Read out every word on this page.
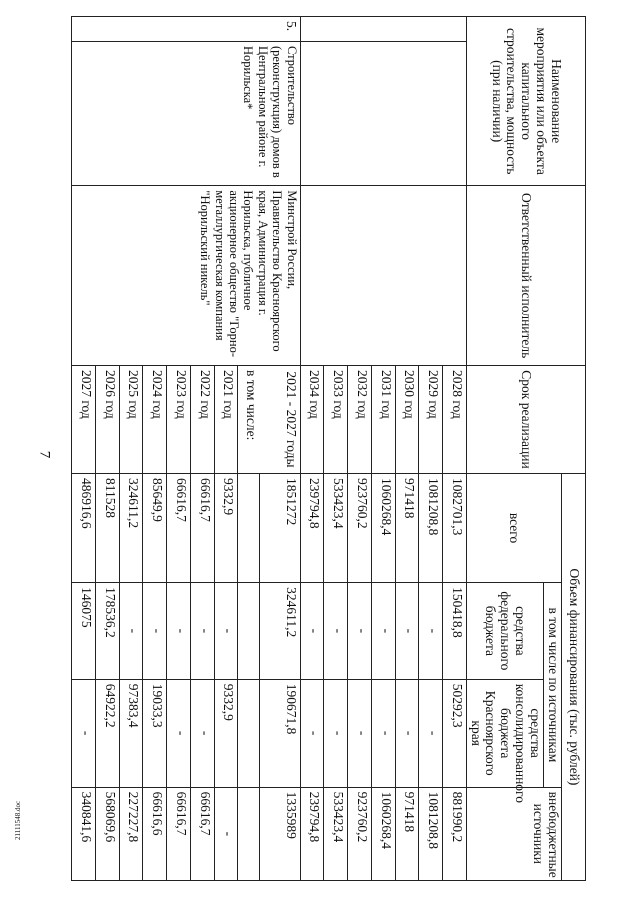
7
21111548.doc
Наименование мероприятия или объекта капитального строительства, мощность (при наличии)		Ответственный исполнитель	Срок реализации	Объем финансирования (тыс. рублей)			
				всего	в том числе по источникам		внебюджетные источники
					средства федерального бюджета	средства консолидированного бюджета Красноярского края	
			2028 год	1082701,3	150418,8	50292,3	881990,2
			2029 год	1081208,8	-	-	1081208,8
			2030 год	971418	-	-	971418
			2031 год	1060268,4	-	-	1060268,4
			2032 год	923760,2	-	-	923760,2
			2033 год	533423,4	-	-	533423,4
			2034 год	239794,8	-	-	239794,8
5.	Строительство (реконструкция) домов в Центральном районе г. Норильска*	Минстрой России, Правительство Красноярского края, Администрация г. Норильска, публичное акционерное общество "Горно-металлургическая компания "Норильский никель"	2021 - 2027 годы	1851272	324611,2	190671,8	1335989
			в том числе:				
			2021 год	9332,9	-	9332,9	-
			2022 год	66616,7	-	-	66616,7
			2023 год	66616,7	-	-	66616,7
			2024 год	85649,9	-	19033,3	66616,6
			2025 год	324611,2	-	97383,4	227227,8
			2026 год	811528	178536,2	64922,2	568069,6
			2027 год	486916,6	146075	-	340841,6
